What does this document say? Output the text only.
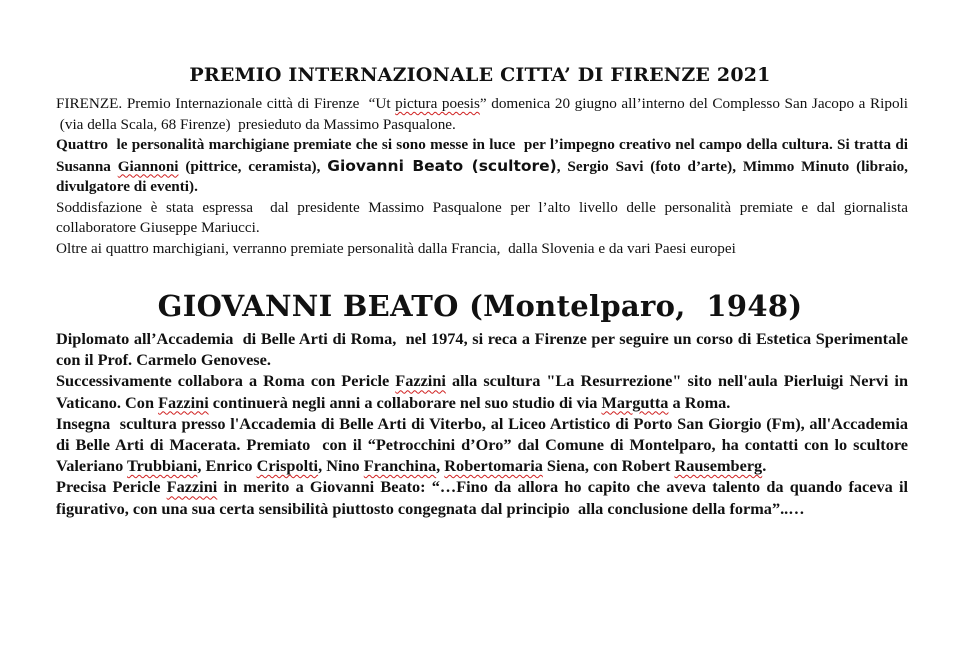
PREMIO INTERNAZIONALE CITTA’ DI FIRENZE 2021

FIRENZE. Premio Internazionale città di Firenze  “Ut pictura poesis” domenica 20 giugno all’interno del Complesso San Jacopo a Ripoli  (via della Scala, 68 Firenze)  presieduto da Massimo Pasqualone.

Quattro  le personalità marchigiane premiate che si sono messe in luce  per l’impegno creativo nel campo della cultura. Si tratta di Susanna Giannoni (pittrice, ceramista), Giovanni Beato (scultore), Sergio Savi (foto d’arte), Mimmo Minuto (libraio, divulgatore di eventi).

Soddisfazione è stata espressa  dal presidente Massimo Pasqualone per l’alto livello delle personalità premiate e dal giornalista collaboratore Giuseppe Mariucci.

Oltre ai quattro marchigiani, verranno premiate personalità dalla Francia,  dalla Slovenia e da vari Paesi europei

GIOVANNI BEATO (Montelparo,  1948)

Diplomato all’Accademia  di Belle Arti di Roma,  nel 1974, si reca a Firenze per seguire un corso di Estetica Sperimentale con il Prof. Carmelo Genovese.

Successivamente collabora a Roma con Pericle Fazzini alla scultura "La Resurrezione" sito nell'aula Pierluigi Nervi in Vaticano. Con Fazzini continuerà negli anni a collaborare nel suo studio di via Margutta a Roma.

Insegna  scultura presso l'Accademia di Belle Arti di Viterbo, al Liceo Artistico di Porto San Giorgio (Fm), all'Accademia di Belle Arti di Macerata. Premiato  con il “Petrocchini d’Oro” dal Comune di Montelparo, ha contatti con lo scultore Valeriano Trubbiani, Enrico Crispolti, Nino Franchina, Robertomaria Siena, con Robert Rausemberg.

Precisa Pericle Fazzini in merito a Giovanni Beato: “…Fino da allora ho capito che aveva talento da quando faceva il figurativo, con una sua certa sensibilità piuttosto congegnata dal principio  alla conclusione della forma”..…
